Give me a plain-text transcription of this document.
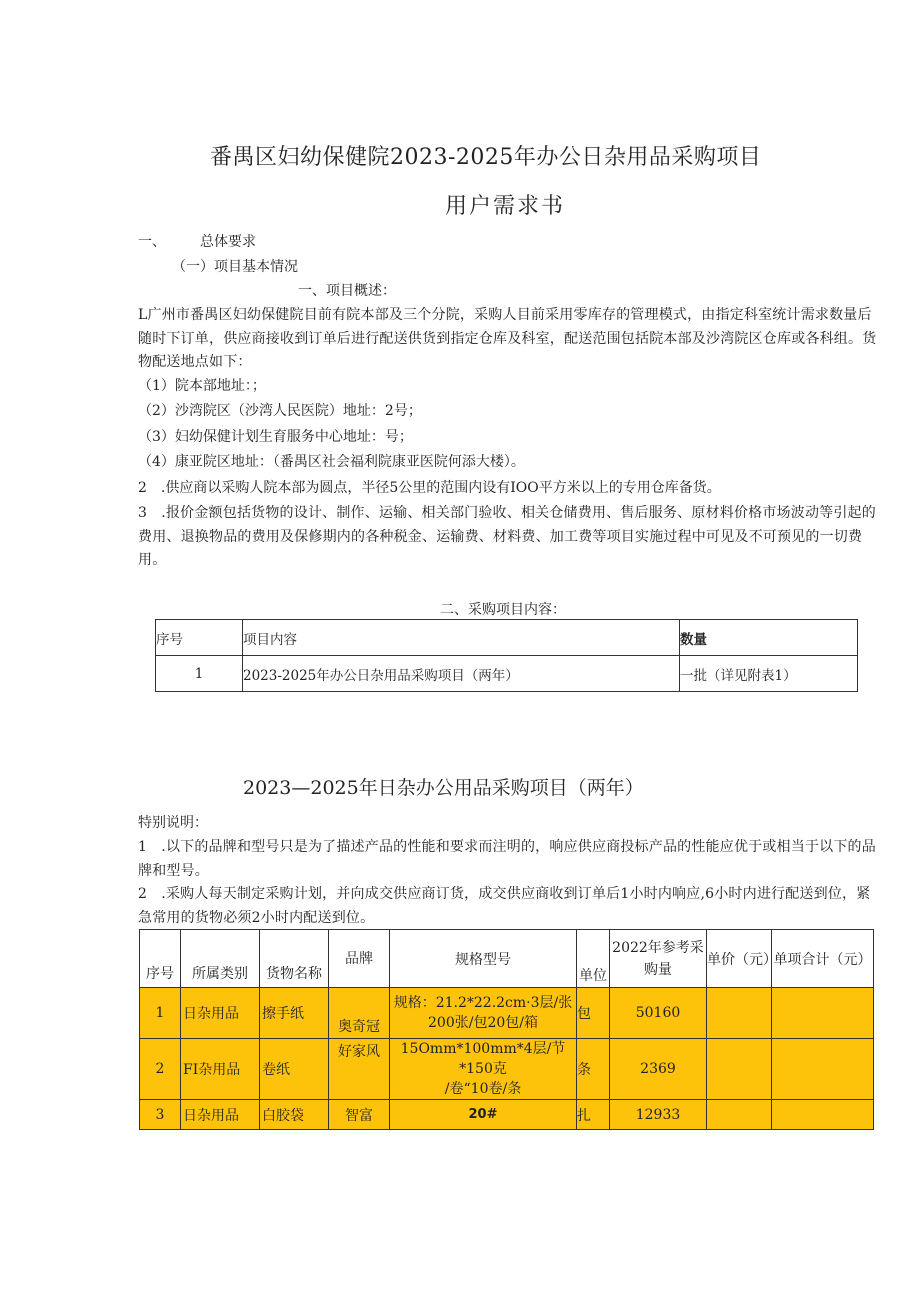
番禺区妇幼保健院2023-2025年办公日杂用品采购项目
用户需求书
一、 总体要求
（一）项目基本情况
一、项目概述：
L广州市番禺区妇幼保健院目前有院本部及三个分院，采购人目前采用零库存的管理模式，由指定科室统计需求数量后随时下订单，供应商接收到订单后进行配送供货到指定仓库及科室，配送范围包括院本部及沙湾院区仓库或各科组。货物配送地点如下：
（1）院本部地址：；
（2）沙湾院区（沙湾人民医院）地址：2号；
（3）妇幼保健计划生育服务中心地址：号；
（4）康亚院区地址：（番禺区社会福利院康亚医院何添大楼）。
2　.供应商以采购人院本部为圆点，半径5公里的范围内设有IOO平方米以上的专用仓库备货。
3　.报价金额包括货物的设计、制作、运输、相关部门验收、相关仓储费用、售后服务、原材料价格市场波动等引起的费用、退换物品的费用及保修期内的各种税金、运输费、材料费、加工费等项目实施过程中可见及不可预见的一切费用。
二、采购项目内容：
序号	项目内容	数量
1	2023-2025年办公日杂用品采购项目（两年）	一批（详见附表1）
2023—2025年日杂办公用品采购项目（两年）
特别说明：
1　.以下的品牌和型号只是为了描述产品的性能和要求而注明的，响应供应商投标产品的性能应优于或相当于以下的品牌和型号。
2　.采购人每天制定采购计划，并向成交供应商订货，成交供应商收到订单后1小时内响应,6小时内进行配送到位，紧急常用的货物必须2小时内配送到位。
序号	所属类别	货物名称	品牌	规格型号	单位	2022年参考采购量	单价（元）	单项合计（元）
1	日杂用品	擦手纸	奥奇冠	规格：21.2*22.2cm·3层/张
200张/包20包/箱	包	50160		
2	FI杂用品	卷纸	好家风	15Omm*100mm*4层/节*150克
/卷“10卷/条	条	2369		
3	日杂用品	白胶袋	智富	20#	扎	12933		
